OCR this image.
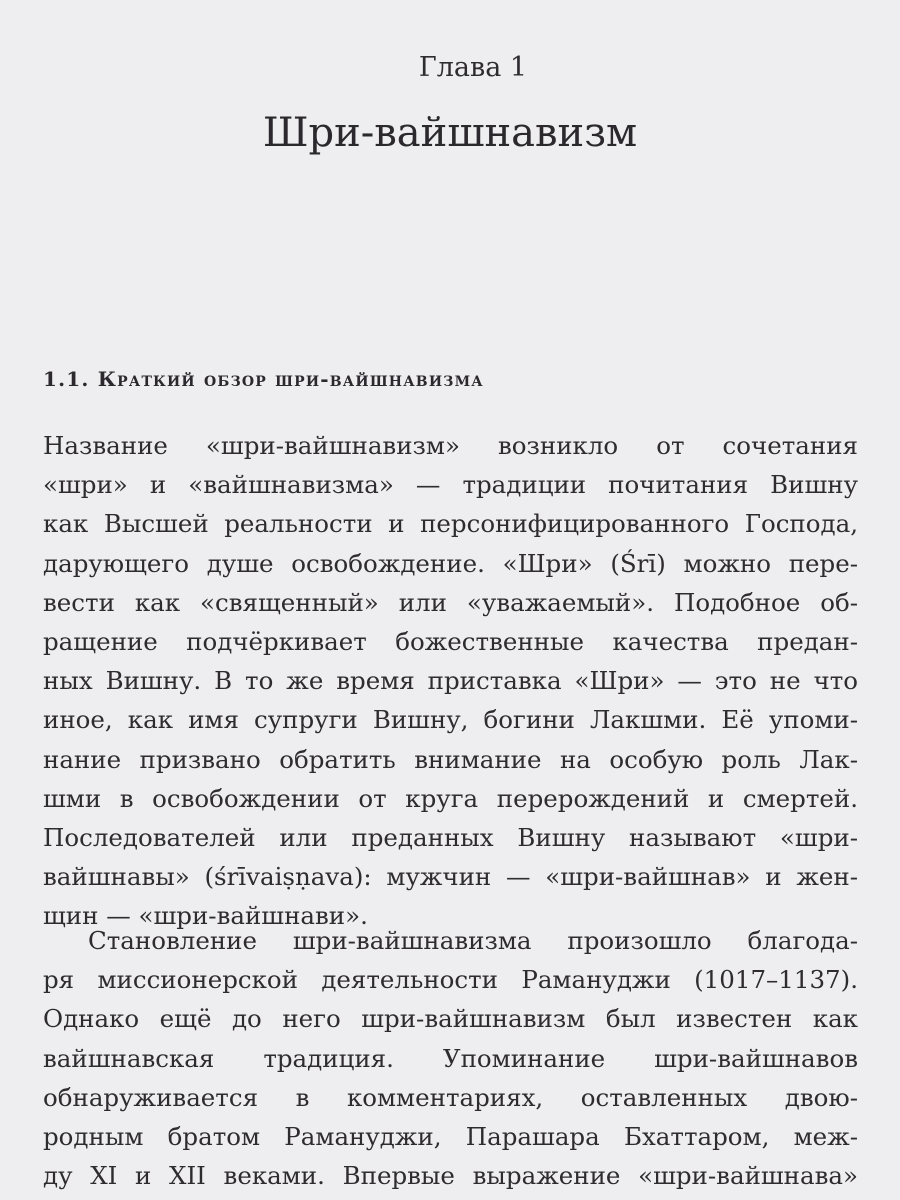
Глава 1
Шри-вайшнавизм
1.1. Краткий обзор шри-вайшнавизма
Название «шри-вайшнавизм» возникло от сочетания
«шри» и «вайшнавизма» — традиции почитания Вишну
как Высшей реальности и персонифицированного Господа,
дарующего душе освобождение. «Шри» (Śrī) можно пере-
вести как «священный» или «уважаемый». Подобное об-
ращение подчёркивает божественные качества предан-
ных Вишну. В то же время приставка «Шри» — это не что
иное, как имя супруги Вишну, богини Лакшми. Её упоми-
нание призвано обратить внимание на особую роль Лак-
шми в освобождении от круга перерождений и смертей.
Последователей или преданных Вишну называют «шри-
вайшнавы» (śrīvaiṣṇava): мужчин — «шри-вайшнав» и жен-
щин — «шри-вайшнави».
Становление шри-вайшнавизма произошло благода-
ря миссионерской деятельности Рамануджи (1017–1137).
Однако ещё до него шри-вайшнавизм был известен как
вайшнавская традиция. Упоминание шри-вайшнавов
обнаруживается в комментариях, оставленных двою-
родным братом Рамануджи, Парашара Бхаттаром, меж-
ду XI и XII веками. Впервые выражение «шри-вайшнава»
